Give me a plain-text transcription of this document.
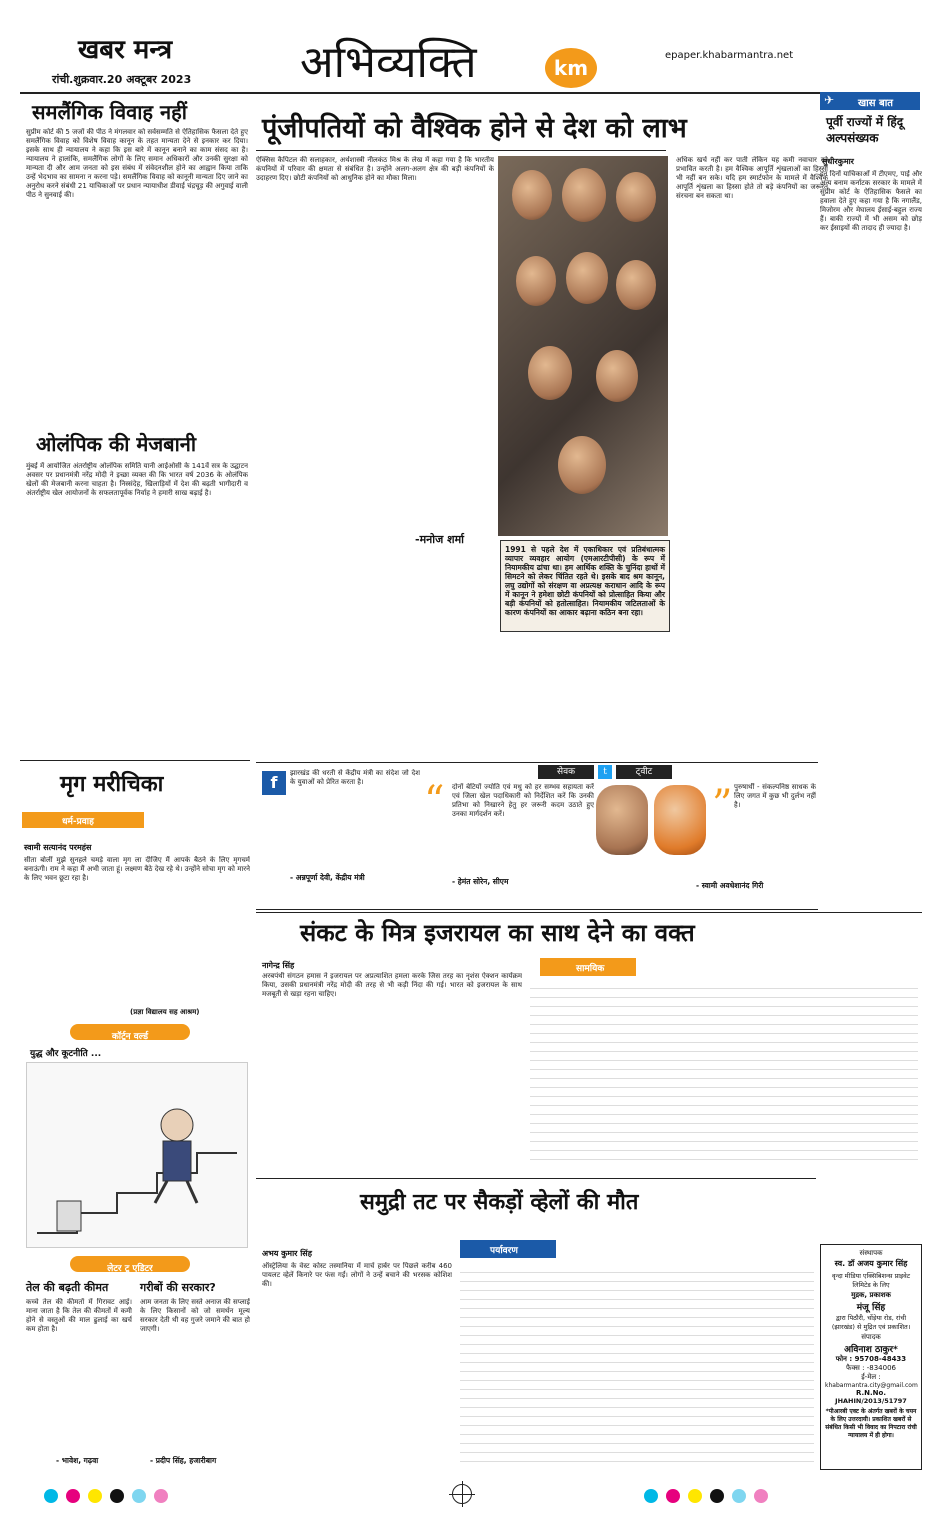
खबर मन्त्र
रांची.शुक्रवार.20 अक्टूबर 2023 अभिव्यक्ति	km
epaper.khabarmantra.net
समलैंगिक विवाह नहीं
सुप्रीम कोर्ट की 5 जजों की पीठ ने मंगलवार को सर्वसम्मति से ऐतिहासिक फैसला देते हुए समलैंगिक विवाह को विशेष विवाह कानून के तहत मान्यता देने से इनकार कर दिया। इसके साथ ही न्यायालय ने कहा कि इस बारे में कानून बनाने का काम संसद का है। न्यायालय ने हालांकि, समलैंगिक लोगों के लिए समान अधिकारों और उनकी सुरक्षा को मान्यता दी और आम जनता को इस संबंध में संवेदनशील होने का आह्वान किया ताकि उन्हें भेदभाव का सामना न करना पड़े। समलैंगिक विवाह को कानूनी मान्यता दिए जाने का अनुरोध करने संबंधी 21 याचिकाओं पर प्रधान न्यायाधीश डीवाई चंद्रचूड़ की अगुवाई वाली पीठ ने सुनवाई की।
ओलंपिक की मेजबानी
मुंबई में आयोजित अंतर्राष्ट्रीय ओलंपिक समिति यानी आईओसी के 141वें सत्र के उद्घाटन अवसर पर प्रधानमंत्री नरेंद्र मोदी ने इच्छा व्यक्त की कि भारत वर्ष 2036 के ओलंपिक खेलों की मेजबानी करना चाहता है। निस्संदेह, खिलाड़ियों में देश की बढ़ती भागीदारी व अंतर्राष्ट्रीय खेल आयोजनों के सफलतापूर्वक निर्वाह ने हमारी साख बढ़ाई है।
पूंजीपतियों को वैश्विक होने से देश को लाभ
ऐक्सिस कैपिटल की सलाहकार, अर्थशास्त्री नीलकंठ मिश्र के लेख में कहा गया है कि भारतीय कंपनियों में परिवार की क्षमता से संबंधित है। उन्होंने अलग-अलग क्षेत्र की बड़ी कंपनियों के उदाहरण दिए। छोटी कंपनियों को आधुनिक होने का मौका मिला।
1991 से पहले देश में एकाधिकार एवं प्रतिबंधात्मक व्यापार व्यवहार आयोग (एमआरटीपीसी) के रूप में नियामकीय ढांचा था। हम आर्थिक शक्ति के चुनिंदा हाथों में सिमटने को लेकर चिंतित रहते थे। इसके बाद श्रम कानून, लघु उद्योगों को संरक्षण वा अप्रत्यक्ष कराधान आदि के रूप में कानून ने हमेशा छोटी कंपनियों को प्रोत्साहित किया और बड़ी कंपनियों को हतोत्साहित। नियामकीय जटिलताओं के कारण कंपनियों का आकार बढ़ाना कठिन बना रहा।
-मनोज शर्मा
अधिक खर्च नहीं कर पाती लेकिन यह कमी नवाचार को प्रभावित करती है। हम वैश्विक आपूर्ति शृंखलाओं का हिस्सा भी नहीं बन सके। यदि हम स्मार्टफोन के मामले में वैश्विक आपूर्ति शृंखला का हिस्सा होते तो बड़े कंपनियों का जरूरत संरचना बन सकता था।
✈ खास बात
पूर्वी राज्यों में हिंदू अल्पसंख्यक
सुधीरकुमार
इन दिनों याचिकाओं में टीएमए, पाई और अन्य बनाम कर्नाटक सरकार के मामले में सुप्रीम कोर्ट के ऐतिहासिक फैसले का हवाला देते हुए कहा गया है कि नगालैंड, मिजोरम और मेघालय ईसाई-बहुल राज्य हैं। बाकी राज्यों में भी असम को छोड़ कर ईसाइयों की तादाद ही ज्यादा है।
f	झारखंड की धरती से केंद्रीय मंत्री का संदेश जो देश के युवाओं को प्रेरित करता है।
- अन्नपूर्णा देवी, केंद्रीय मंत्री
सेवक	t	ट्वीट
“ दोनों बेटियों ज्योति एवं मधु को हर सम्भव सहायता करें एवं जिला खेल पदाधिकारी को निर्देशित करें कि उनकी प्रतिभा को निखारने हेतु हर जरूरी कदम उठाते हुए उनका मार्गदर्शन करें।
- हेमंत सोरेन, सीएम
” पुरुषार्थी - संकल्पनिष्ठ साधक के लिए जगत में कुछ भी दुर्लभ नहीं है।
- स्वामी अवधेशानंद गिरी
मृग मरीचिका
धर्म-प्रवाह
स्वामी सत्यानंद परमहंस
सीता बोलीं मुझे सुनहले चमड़े वाला मृग ला दीजिए मैं आपके बैठने के लिए मृगचर्म बनाऊंगी। राम ने कहा मैं अभी जाता हूं। लक्ष्मण बैठे देख रहे थे। उन्होंने सोचा मृग को मारने के लिए भवन छूटा रहा है।
(प्रज्ञा विद्यालय सह आश्रम)
कॉर्टून वर्ल्ड
युद्ध और कूटनीति ...
लेटर टू एडिटर
तेल की बढ़ती कीमत
कच्चे तेल की कीमतों में गिरावट आई। माना जाता है कि तेल की कीमतों में कमी होने से वस्तुओं की माल ढुलाई का खर्च कम होता है।
- भावेश, गढ़वा
गरीबों की सरकार?
आम जनता के लिए सस्ते अनाज की सप्लाई के लिए किसानों को जो समर्थन मूल्य सरकार देती थी वह गुजरे जमाने की बात हो जाएगी।
- प्रदीप सिंह, हजारीबाग
संकट के मित्र इजरायल का साथ देने का वक्त
नागेन्द्र सिंह
अरबपंथी संगठन हमास ने इजरायल पर अप्रत्याशित हमला करके जिस तरह का नृशंस ऐक्शन कार्यक्रम किया, उसकी प्रधानमंत्री नरेंद्र मोदी की तरह से भी कड़ी निंदा की गई। भारत को इजरायल के साथ मजबूती से खड़ा रहना चाहिए।
सामयिक
समुद्री तट पर सैकड़ों व्हेलों की मौत
अभय कुमार सिंह
ऑस्ट्रेलिया के वेस्ट कोस्ट तस्मानिया में मार्च हार्बर पर पिछले करीब 460 पायलट व्हेलें किनारे पर फंस गईं। लोगों ने उन्हें बचाने की भरसक कोशिश की।
पर्यावरण	संस्थापक
स्व. डॉ अजय कुमार सिंह
वृन्दा मीडिया एक्सिबिशन्स प्राइवेट लिमिटेड के लिए
मुद्रक, प्रकाशक
मंजू सिंह
द्वारा पिठौरी, चोंड़ेया रोड, रांची (झारखंड) से मुद्रित एवं प्रकाशित।
संपादक
अविनाश ठाकुर*
फोन : 95708-48433
फैक्स : -834006
ई-मेल :
khabarmantra.city@gmail.com
R.N.No.
JHAHIN/2013/51797
*पीआरबी एक्ट के अंतर्गत खबरों के चयन के लिए उत्तरदायी। प्रकाशित खबरों से संबंधित किसी भी विवाद का निपटारा रांची न्यायालय में ही होगा।
